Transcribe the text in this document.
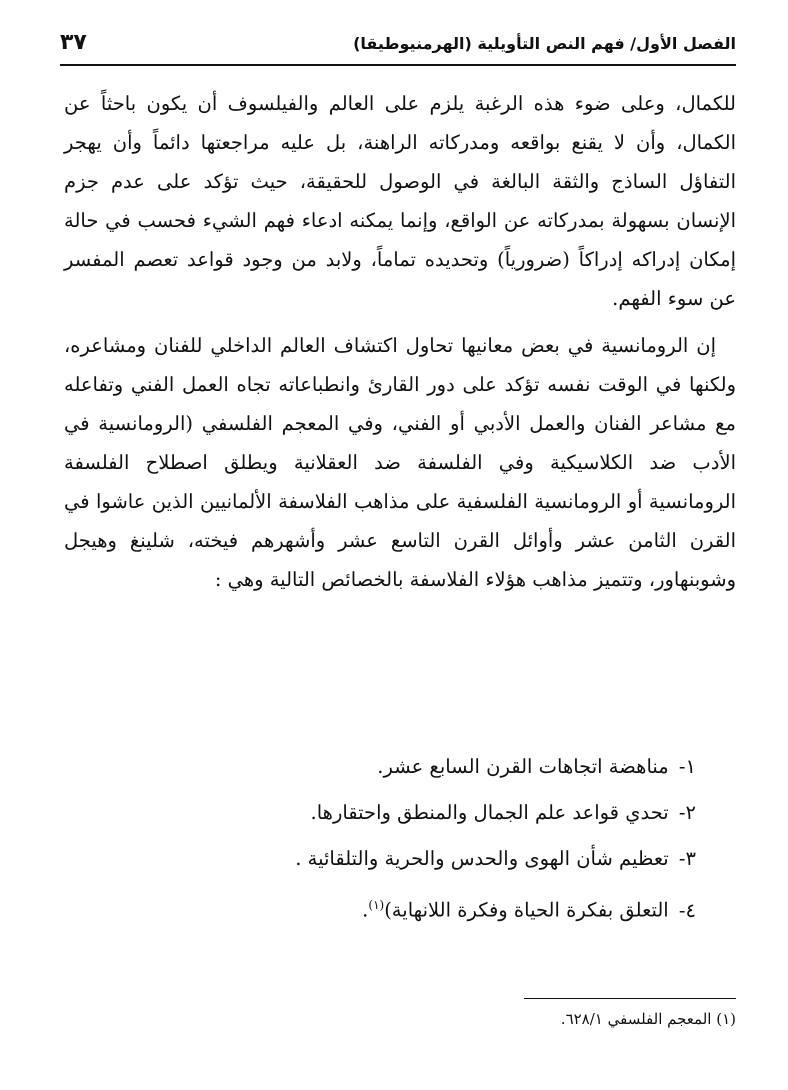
الفصل الأول/ فهم النص التأويلية (الهرمنيوطيقا)
٣٧

للكمال، وعلى ضوء هذه الرغبة يلزم على العالم والفيلسوف أن يكون باحثاً عن الكمال، وأن لا يقنع بواقعه ومدركاته الراهنة، بل عليه مراجعتها دائماً وأن يهجر التفاؤل الساذج والثقة البالغة في الوصول للحقيقة، حيث تؤكد على عدم جزم الإنسان بسهولة بمدركاته عن الواقع، وإنما يمكنه ادعاء فهم الشيء فحسب في حالة إمكان إدراكه إدراكاً (ضرورياً) وتحديده تماماً، ولابد من وجود قواعد تعصم المفسر عن سوء الفهم.

إن الرومانسية في بعض معانيها تحاول اكتشاف العالم الداخلي للفنان ومشاعره، ولكنها في الوقت نفسه تؤكد على دور القارئ وانطباعاته تجاه العمل الفني وتفاعله مع مشاعر الفنان والعمل الأدبي أو الفني، وفي المعجم الفلسفي (الرومانسية في الأدب ضد الكلاسيكية وفي الفلسفة ضد العقلانية ويطلق اصطلاح الفلسفة الرومانسية أو الرومانسية الفلسفية على مذاهب الفلاسفة الألمانيين الذين عاشوا في القرن الثامن عشر وأوائل القرن التاسع عشر وأشهرهم فيخته، شلينغ وهيجل وشوبنهاور، وتتميز مذاهب هؤلاء الفلاسفة بالخصائص التالية وهي :

١- مناهضة اتجاهات القرن السابع عشر.
٢- تحدي قواعد علم الجمال والمنطق واحتقارها.
٣- تعظيم شأن الهوى والحدس والحرية والتلقائية .
٤- التعلق بفكرة الحياة وفكرة اللانهاية)$^{(١)}$.
(١) المعجم الفلسفي ٦٢٨/١.
